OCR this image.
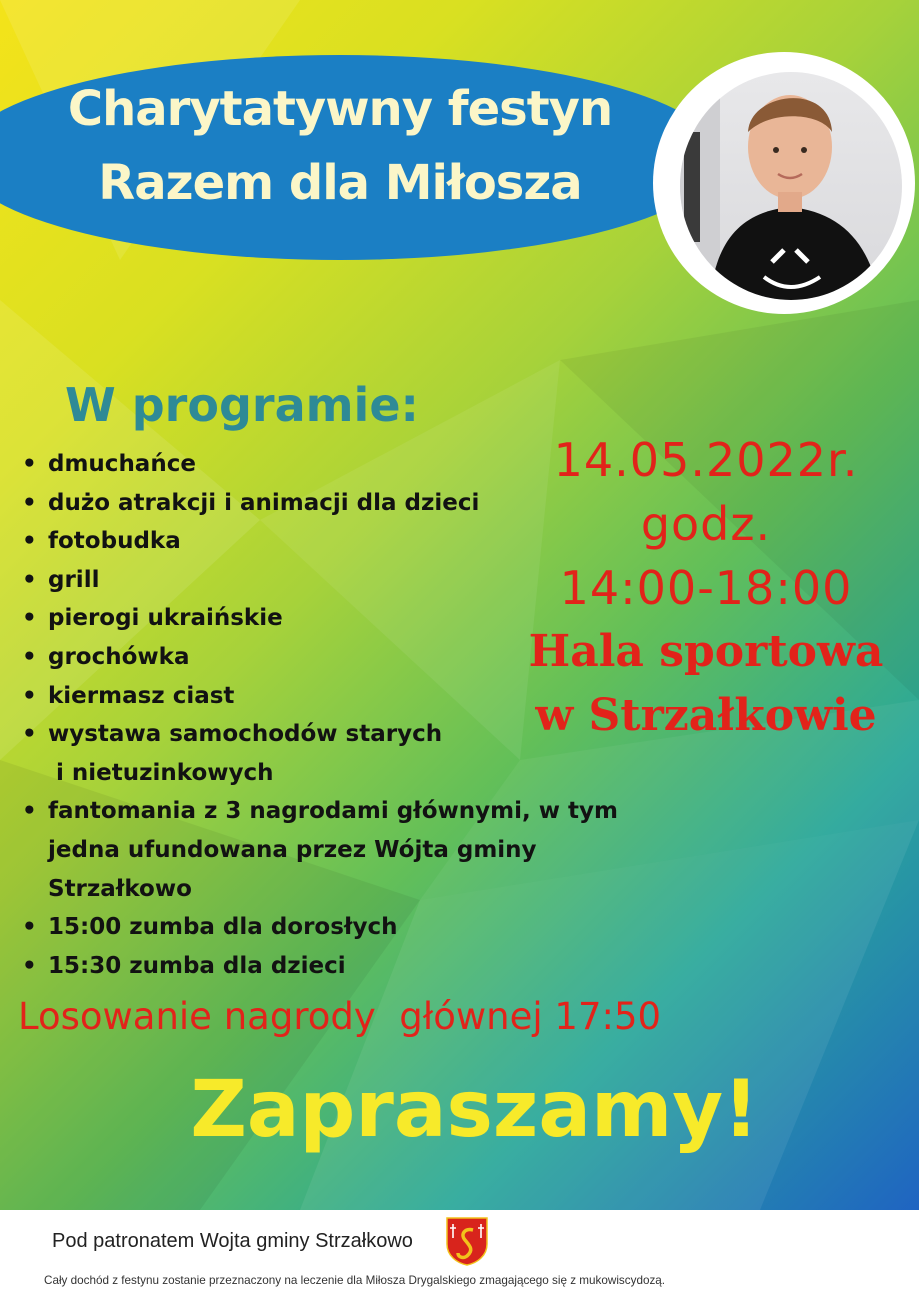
Charytatywny festyn
Razem dla Miłosza
W programie:
• dmuchańce
• dużo atrakcji i animacji dla dzieci
• fotobudka
• grill
• pierogi ukraińskie
• grochówka
• kiermasz ciast
• wystawa samochodów starych
i nietuzinkowych
• fantomania z 3 nagrodami głównymi, w tym
jedna ufundowana przez Wójta gminy
Strzałkowo
• 15:00 zumba dla dorosłych
• 15:30 zumba dla dzieci
14.05.2022r.
godz.
14:00-18:00
Hala sportowa
w Strzałkowie
Losowanie nagrody  głównej 17:50
Zapraszamy!
Pod patronatem Wojta gminy Strzałkowo
Cały dochód z festynu zostanie przeznaczony na leczenie dla Miłosza Drygalskiego zmagającego się z mukowiscydozą.
